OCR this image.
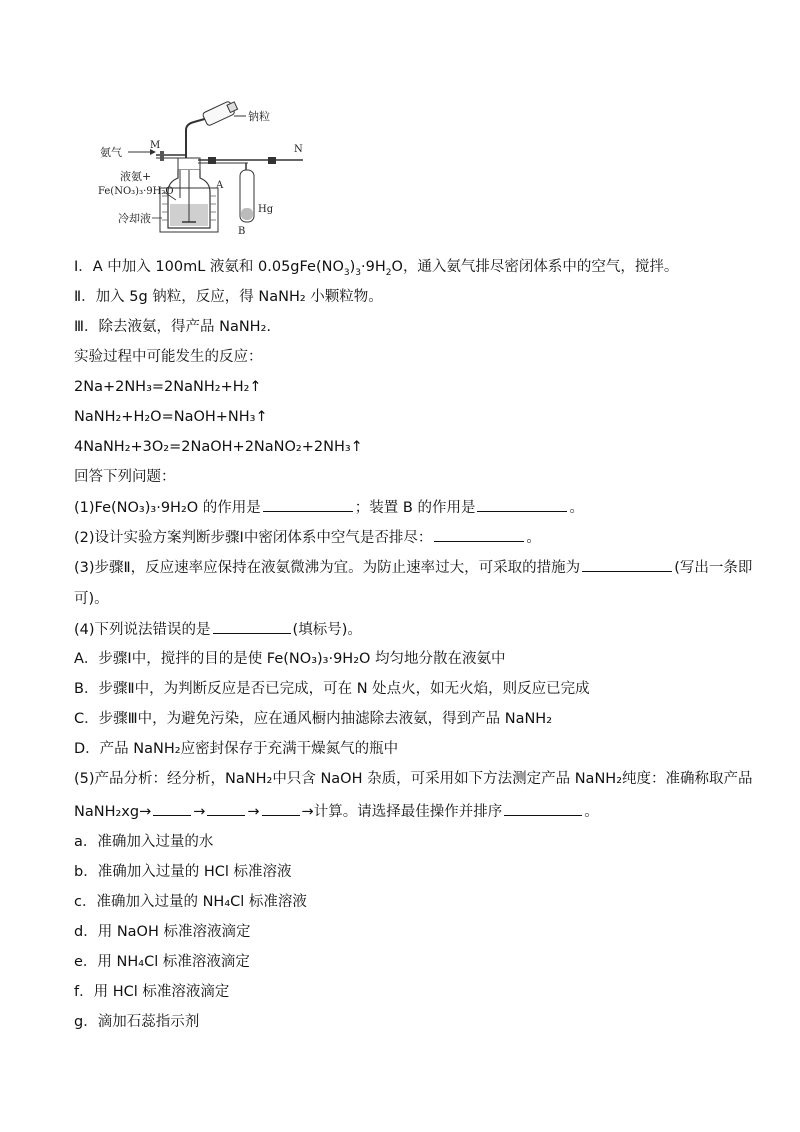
M
氨气
钠粒
N
Hg
B
A
液氨+
Fe(NO₃)₃·9H₂O
冷却液
Ⅰ．A 中加入 100mL 液氨和 $0.05gFe(NO_3)_3\cdot 9H_2O$，通入氨气排尽密闭体系中的空气，搅拌。
Ⅱ．加入 5g 钠粒，反应，得 NaNH₂ 小颗粒物。
Ⅲ．除去液氨，得产品 NaNH₂.
实验过程中可能发生的反应：
2Na+2NH₃=2NaNH₂+H₂↑
NaNH₂+H₂O=NaOH+NH₃↑
4NaNH₂+3O₂=2NaOH+2NaNO₂+2NH₃↑
回答下列问题：
(1)Fe(NO₃)₃·9H₂O 的作用是	；装置 B 的作用是	。
(2)设计实验方案判断步骤Ⅰ中密闭体系中空气是否排尽：	。
(3)步骤Ⅱ，反应速率应保持在液氨微沸为宜。为防止速率过大，可采取的措施为	(写出一条即
可)。
(4)下列说法错误的是	(填标号)。
A．步骤Ⅰ中，搅拌的目的是使 Fe(NO₃)₃·9H₂O 均匀地分散在液氨中
B．步骤Ⅱ中，为判断反应是否已完成，可在 N 处点火，如无火焰，则反应已完成
C．步骤Ⅲ中，为避免污染，应在通风橱内抽滤除去液氨，得到产品 NaNH₂
D．产品 NaNH₂应密封保存于充满干燥氮气的瓶中
(5)产品分析：经分析，NaNH₂中只含 NaOH 杂质，可采用如下方法测定产品 NaNH₂纯度：准确称取产品
NaNH₂xg→	→	→	→计算。请选择最佳操作并排序	。
a．准确加入过量的水
b．准确加入过量的 HCl 标准溶液
c．准确加入过量的 NH₄Cl 标准溶液
d．用 NaOH 标准溶液滴定
e．用 NH₄Cl 标准溶液滴定
f．用 HCl 标准溶液滴定
g．滴加石蕊指示剂
